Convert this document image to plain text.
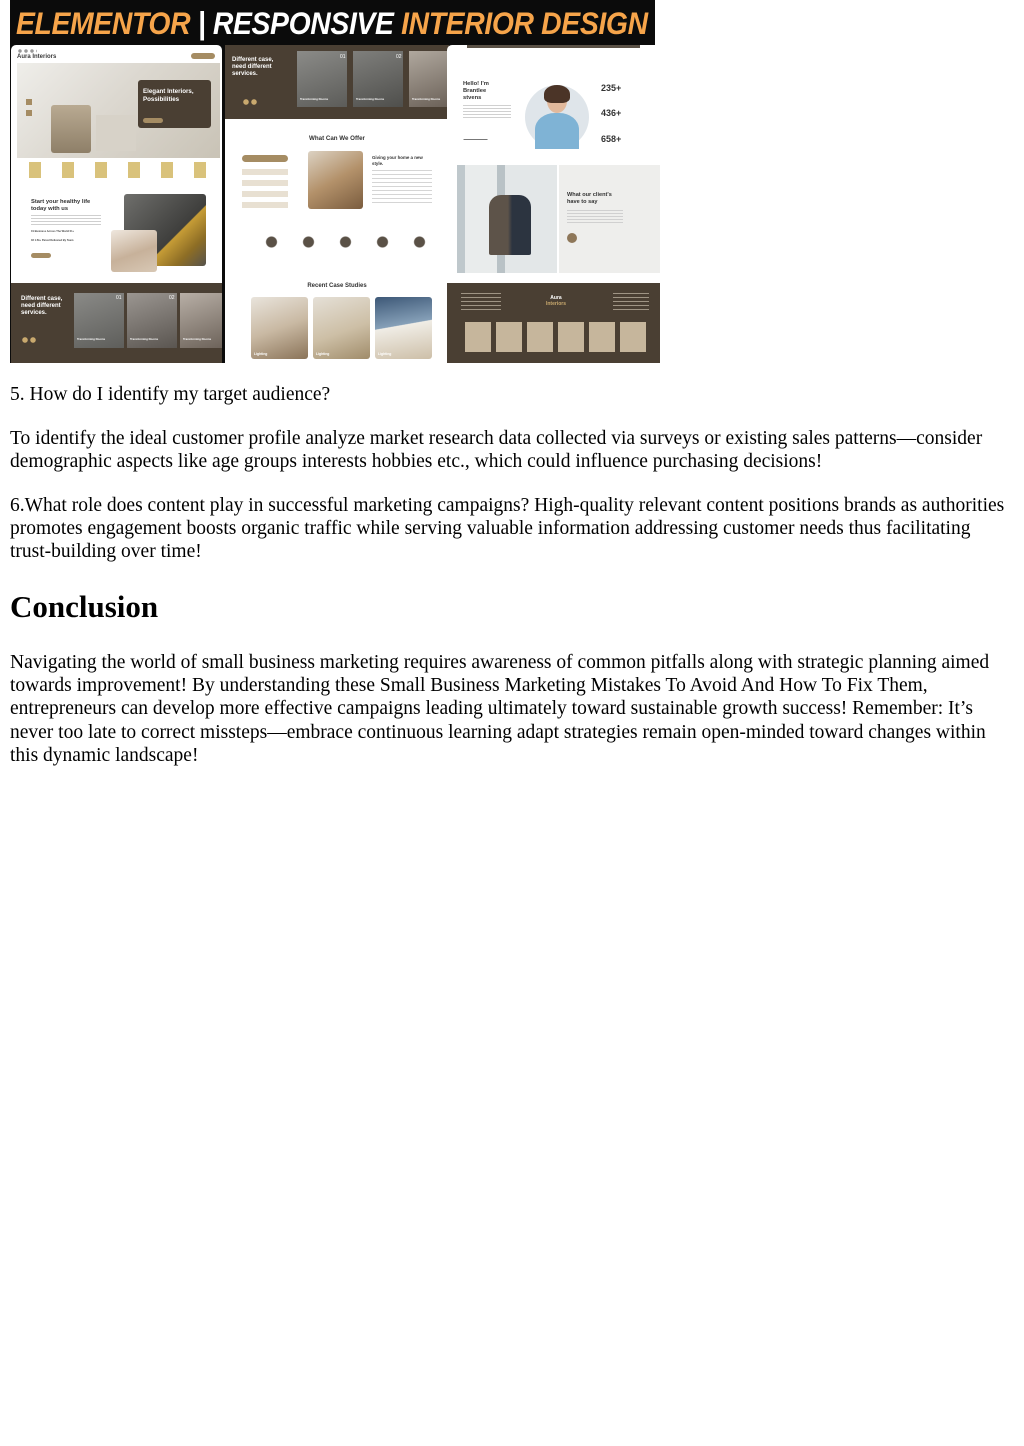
ELEMENTOR | RESPONSIVE INTERIOR DESIGN WEBSITE
Aura Interiors
Elegant Interiors,
Possibilities
Start your healthy life
today with us
01 Business Across The World 01+
02 1.5k+ Parcel Delivered By Team
Different case,
need different
services.
01	02
Transforming Rooms	Transforming Rooms	Transforming Rooms
Different case,
need different
services.
01	02
Transforming Rooms	Transforming Rooms	Transforming Rooms
What Can We Offer
Giving your home a new
style.
Recent Case Studies
Lighting	Lighting	Lighting
Hello! I'm
Brantlee
stvens
235+
436+
658+
What our client's
have to say
Aura
Interiors

5. How do I identify my target audience?

To identify the ideal customer profile analyze market research data collected via surveys or existing sales patterns—consider demographic aspects like age groups interests hobbies etc., which could influence purchasing decisions!

6.What role does content play in successful marketing campaigns? High-quality relevant content positions brands as authorities promotes engagement boosts organic traffic while serving valuable information addressing customer needs thus facilitating trust-building over time!

Conclusion

Navigating the world of small business marketing requires awareness of common pitfalls along with strategic planning aimed towards improvement! By understanding these Small Business Marketing Mistakes To Avoid And How To Fix Them, entrepreneurs can develop more effective campaigns leading ultimately toward sustainable growth success! Remember: It’s never too late to correct missteps—embrace continuous learning adapt strategies remain open-minded toward changes within this dynamic landscape!
